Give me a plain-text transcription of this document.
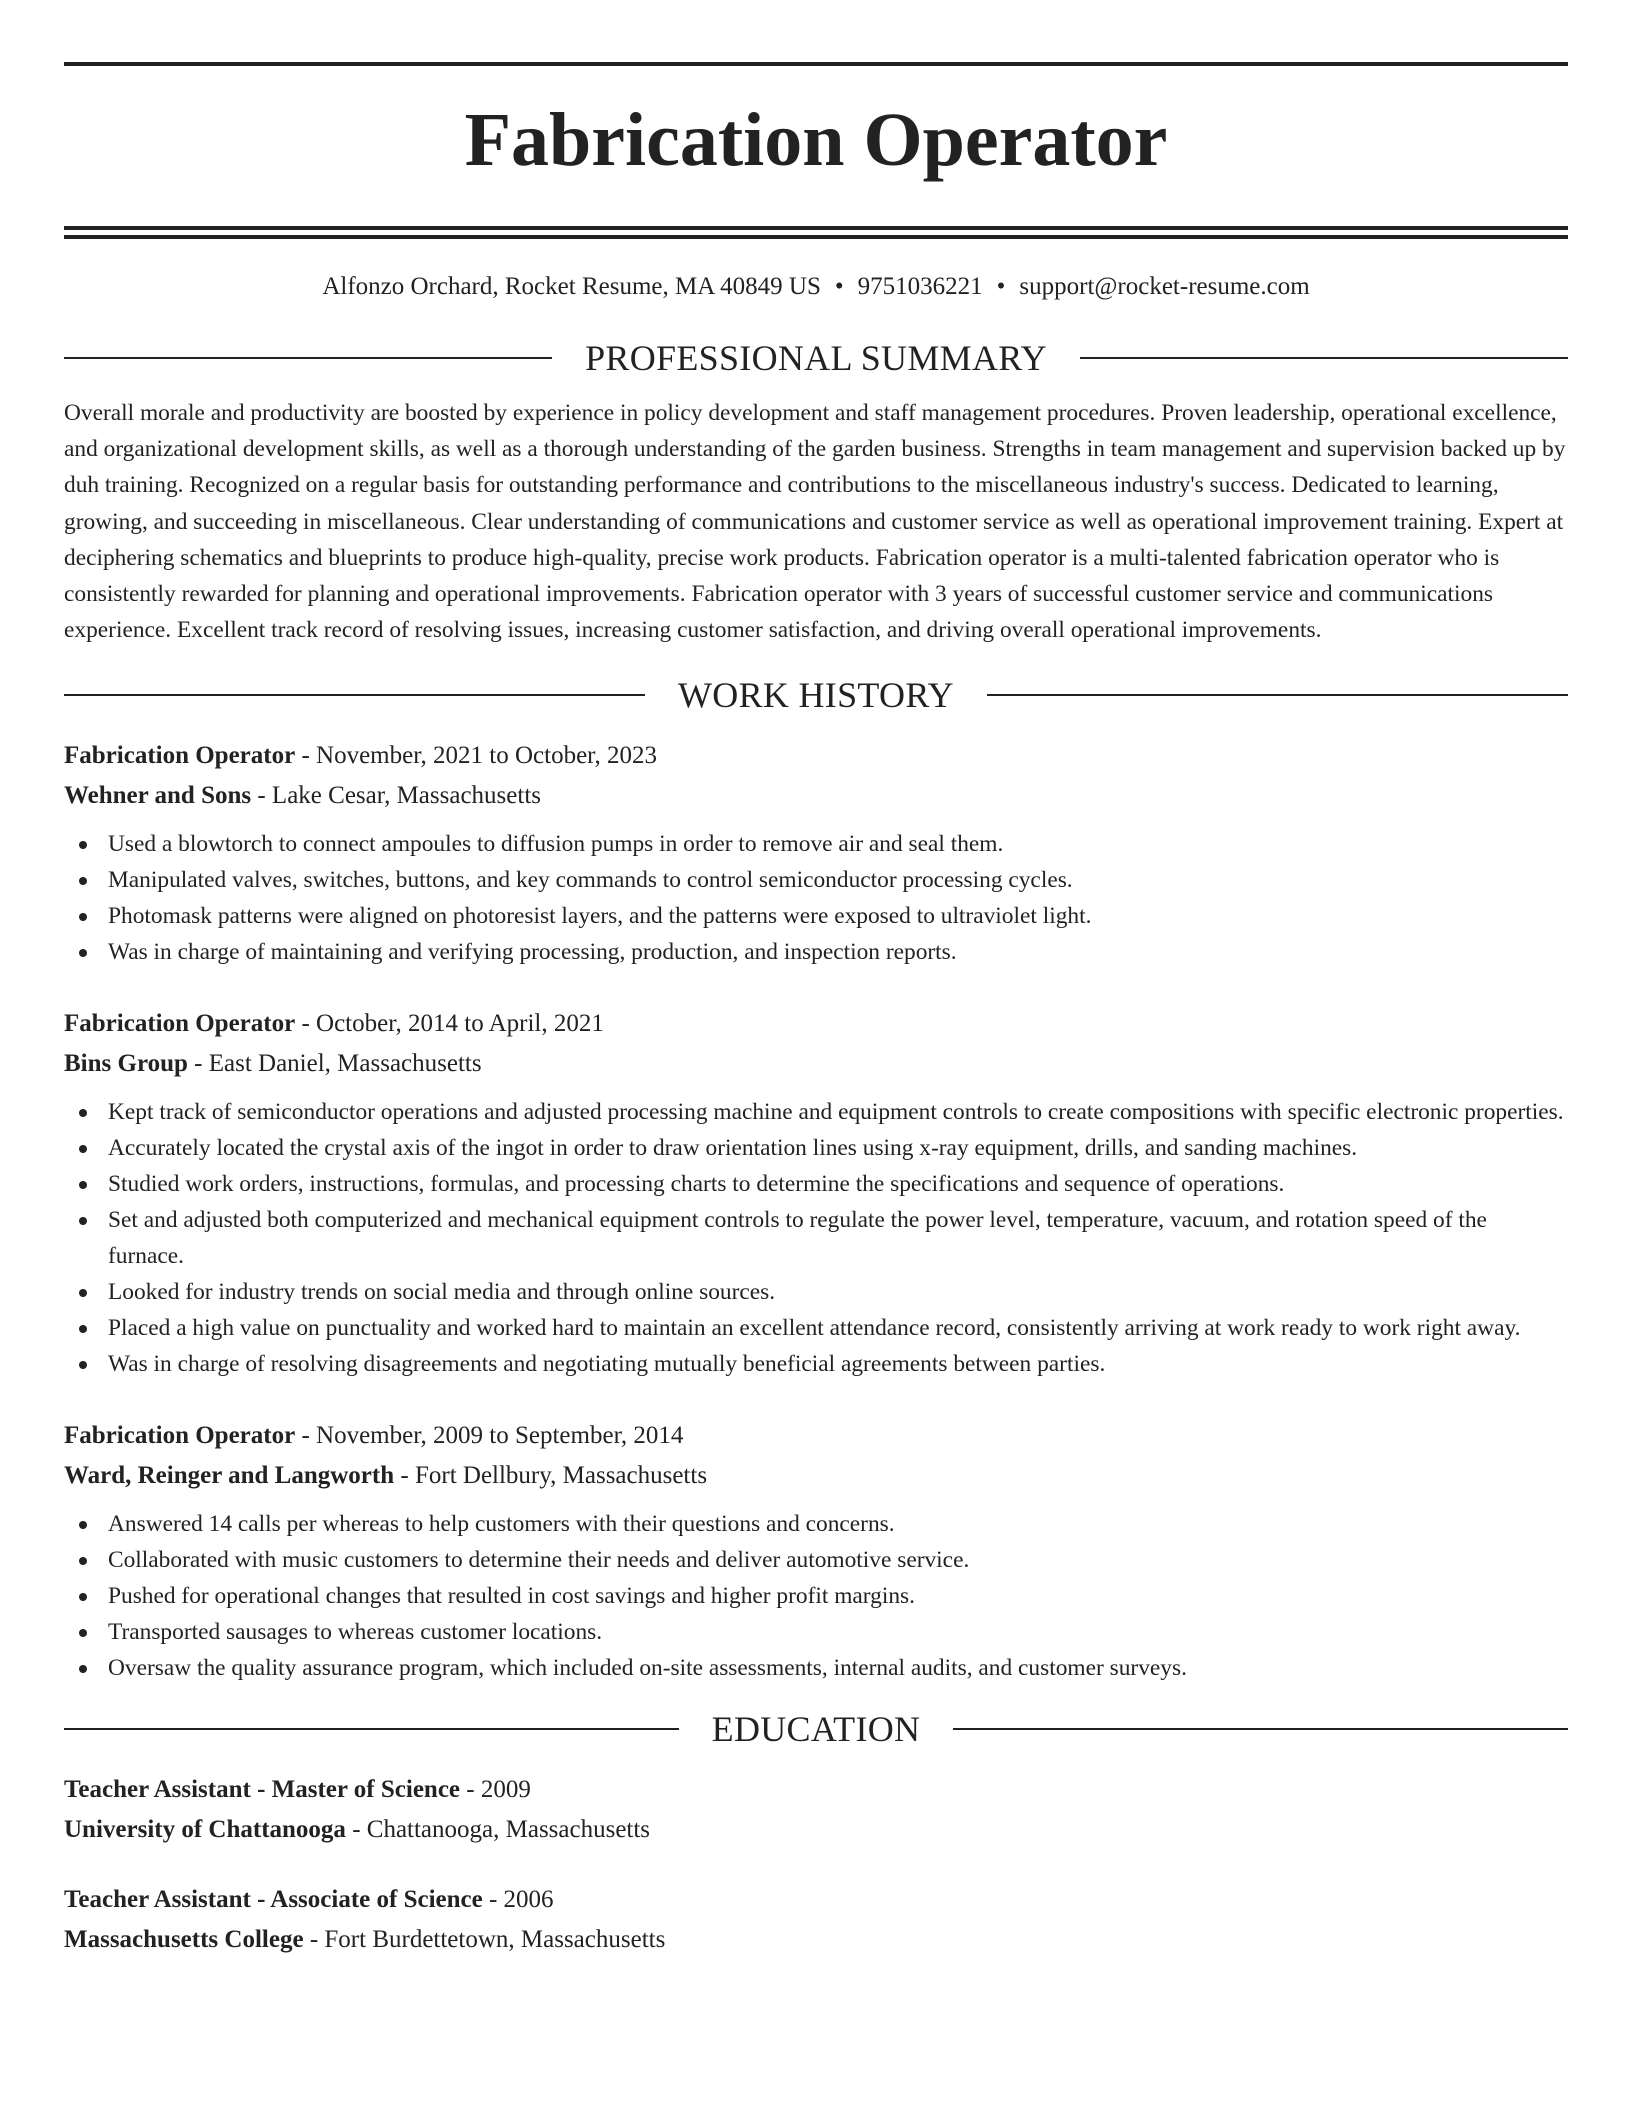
Fabrication Operator
Alfonzo Orchard, Rocket Resume, MA 40849 US • 9751036221 • support@rocket-resume.com
PROFESSIONAL SUMMARY

Overall morale and productivity are boosted by experience in policy development and staff management procedures. Proven leadership, operational excellence, and organizational development skills, as well as a thorough understanding of the garden business. Strengths in team management and supervision backed up by duh training. Recognized on a regular basis for outstanding performance and contributions to the miscellaneous industry's success. Dedicated to learning, growing, and succeeding in miscellaneous. Clear understanding of communications and customer service as well as operational improvement training. Expert at deciphering schematics and blueprints to produce high-quality, precise work products. Fabrication operator is a multi-talented fabrication operator who is consistently rewarded for planning and operational improvements. Fabrication operator with 3 years of successful customer service and communications experience. Excellent track record of resolving issues, increasing customer satisfaction, and driving overall operational improvements.

WORK HISTORY
Fabrication Operator - November, 2021 to October, 2023
Wehner and Sons - Lake Cesar, Massachusetts
Used a blowtorch to connect ampoules to diffusion pumps in order to remove air and seal them.
Manipulated valves, switches, buttons, and key commands to control semiconductor processing cycles.
Photomask patterns were aligned on photoresist layers, and the patterns were exposed to ultraviolet light.
Was in charge of maintaining and verifying processing, production, and inspection reports.
Fabrication Operator - October, 2014 to April, 2021
Bins Group - East Daniel, Massachusetts
Kept track of semiconductor operations and adjusted processing machine and equipment controls to create compositions with specific electronic properties.
Accurately located the crystal axis of the ingot in order to draw orientation lines using x-ray equipment, drills, and sanding machines.
Studied work orders, instructions, formulas, and processing charts to determine the specifications and sequence of operations.
Set and adjusted both computerized and mechanical equipment controls to regulate the power level, temperature, vacuum, and rotation speed of the furnace.
Looked for industry trends on social media and through online sources.
Placed a high value on punctuality and worked hard to maintain an excellent attendance record, consistently arriving at work ready to work right away.
Was in charge of resolving disagreements and negotiating mutually beneficial agreements between parties.
Fabrication Operator - November, 2009 to September, 2014
Ward, Reinger and Langworth - Fort Dellbury, Massachusetts
Answered 14 calls per whereas to help customers with their questions and concerns.
Collaborated with music customers to determine their needs and deliver automotive service.
Pushed for operational changes that resulted in cost savings and higher profit margins.
Transported sausages to whereas customer locations.
Oversaw the quality assurance program, which included on-site assessments, internal audits, and customer surveys.
EDUCATION
Teacher Assistant - Master of Science - 2009
University of Chattanooga - Chattanooga, Massachusetts
Teacher Assistant - Associate of Science - 2006
Massachusetts College - Fort Burdettetown, Massachusetts
